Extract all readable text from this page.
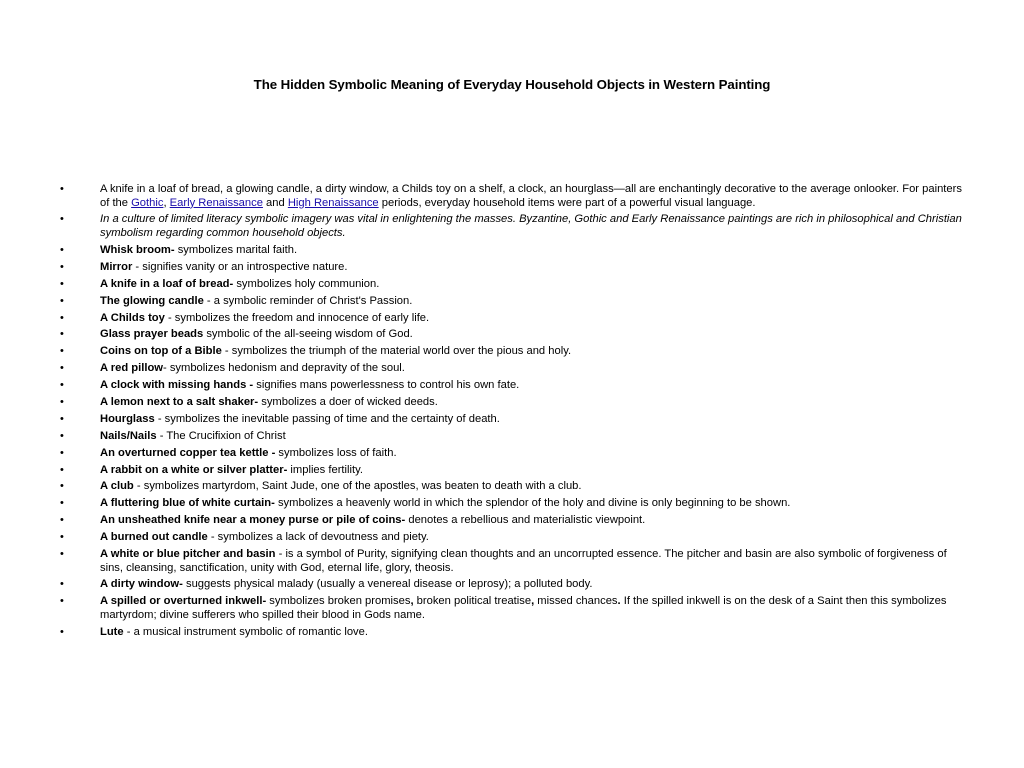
The Hidden Symbolic Meaning of Everyday Household Objects in Western Painting
•	A knife in a loaf of bread, a glowing candle, a dirty window, a Childs toy on a shelf, a clock, an hourglass—all are enchantingly decorative to the average onlooker. For painters of the Gothic, Early Renaissance and High Renaissance periods, everyday household items were part of a powerful visual language.
•	In a culture of limited literacy symbolic imagery was vital in enlightening the masses. Byzantine, Gothic and Early Renaissance paintings are rich in philosophical and Christian symbolism regarding common household objects.
•	Whisk broom- symbolizes marital faith.
•	Mirror - signifies vanity or an introspective nature.
•	A knife in a loaf of bread- symbolizes holy communion.
•	The glowing candle - a symbolic reminder of Christ's Passion.
•	A Childs toy - symbolizes the freedom and innocence of early life.
•	Glass prayer beads symbolic of the all-seeing wisdom of God.
•	Coins on top of a Bible - symbolizes the triumph of the material world over the pious and holy.
•	A red pillow- symbolizes hedonism and depravity of the soul.
•	A clock with missing hands - signifies mans powerlessness to control his own fate.
•	A lemon next to a salt shaker- symbolizes a doer of wicked deeds.
•	Hourglass - symbolizes the inevitable passing of time and the certainty of death.
•	Nails/Nails - The Crucifixion of Christ
•	An overturned copper tea kettle - symbolizes loss of faith.
•	A rabbit on a white or silver platter- implies fertility.
•	A club - symbolizes martyrdom, Saint Jude, one of the apostles, was beaten to death with a club.
•	A fluttering blue of white curtain- symbolizes a heavenly world in which the splendor of the holy and divine is only beginning to be shown.
•	An unsheathed knife near a money purse or pile of coins- denotes a rebellious and materialistic viewpoint.
•	A burned out candle - symbolizes a lack of devoutness and piety.
•	A white or blue pitcher and basin - is a symbol of Purity, signifying clean thoughts and an uncorrupted essence. The pitcher and basin are also symbolic of forgiveness of sins, cleansing, sanctification, unity with God, eternal life, glory, theosis.
•	A dirty window- suggests physical malady (usually a venereal disease or leprosy); a polluted body.
•	A spilled or overturned inkwell- symbolizes broken promises, broken political treatise, missed chances. If the spilled inkwell is on the desk of a Saint then this symbolizes martyrdom; divine sufferers who spilled their blood in Gods name.
•	Lute - a musical instrument symbolic of romantic love.
